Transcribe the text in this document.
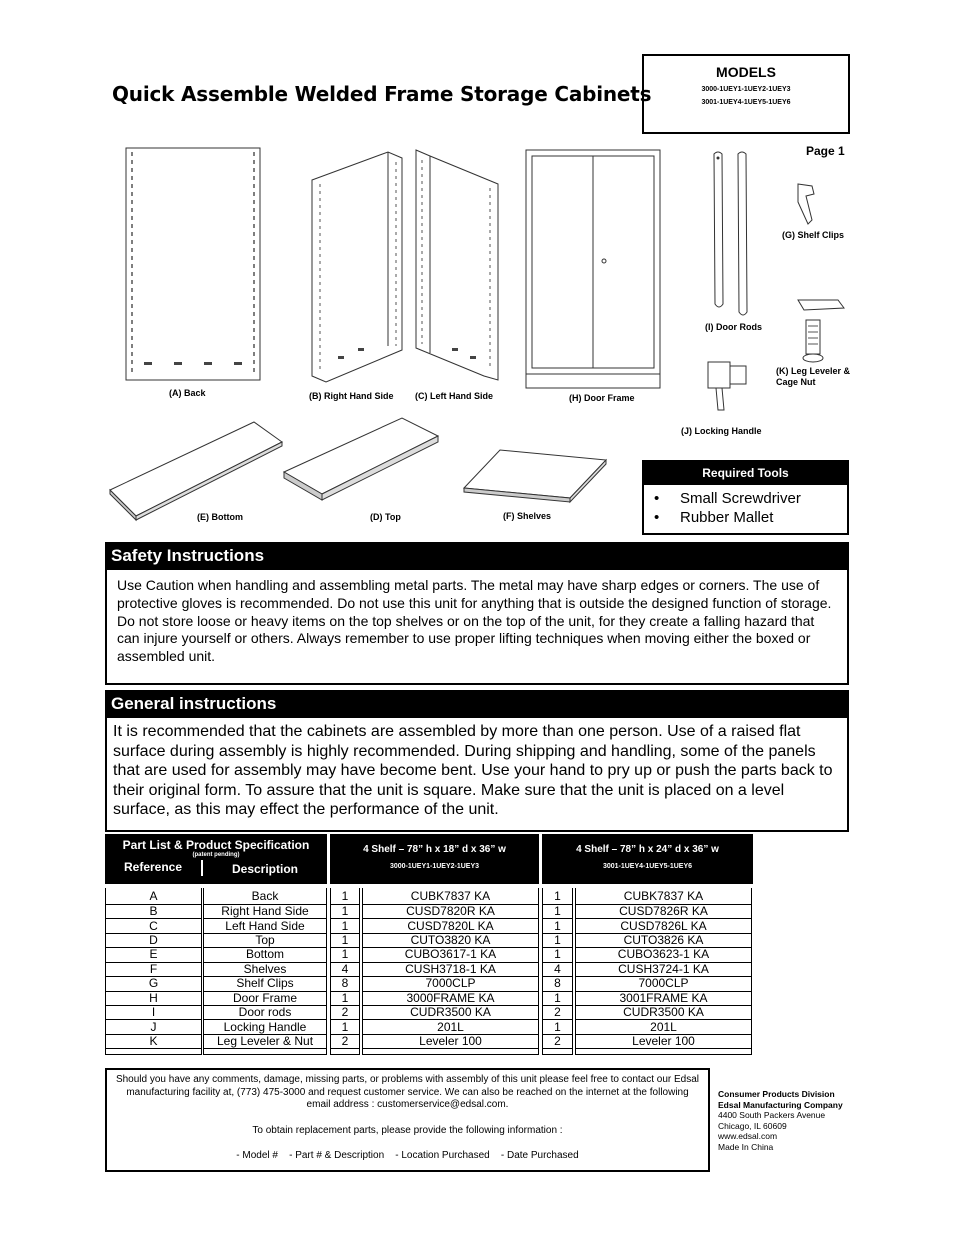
Quick Assemble Welded Frame Storage Cabinets
MODELS
3000-1UEY1-1UEY2-1UEY3
3001-1UEY4-1UEY5-1UEY6
Page 1
(A) Back	(B) Right Hand Side (C) Left Hand Side	(H) Door Frame
(I) Door Rods
(G) Shelf Clips
(K) Leg Leveler &
Cage Nut
(J) Locking Handle
(E) Bottom	(D) Top	(F) Shelves
Required Tools
• Small Screwdriver
• Rubber Mallet
Safety Instructions
Use Caution when handling and assembling metal parts. The metal may have sharp edges or corners. The use of protective gloves is recommended. Do not use this unit for anything that is outside the designed function of storage. Do not store loose or heavy items on the top shelves or on the top of the unit, for they create a falling hazard that can injure yourself or others. Always remember to use proper lifting techniques when moving either the boxed or assembled unit.
General instructions
It is recommended that the cabinets are assembled by more than one person. Use of a raised flat surface during assembly is highly recommended. During shipping and handling, some of the panels that are used for assembly may have become bent. Use your hand to pry up or push the parts back to their original form. To assure that the unit is square. Make sure that the unit is placed on a level surface, as this may effect the performance of the unit.
Part List & Product Specification
(patent pending)
Reference	Description
4 Shelf – 78” h x 18” d x 36” w
3000-1UEY1-1UEY2-1UEY3
4 Shelf – 78” h x 24” d x 36” w
3001-1UEY4-1UEY5-1UEY6
A		Back		1		CUBK7837 KA		1		CUBK7837 KA
B		Right Hand Side		1		CUSD7820R KA		1		CUSD7826R KA
C		Left Hand Side		1		CUSD7820L KA		1		CUSD7826L KA
D		Top		1		CUTO3820 KA		1		CUTO3826 KA
E		Bottom		1		CUBO3617-1 KA		1		CUBO3623-1 KA
F		Shelves		4		CUSH3718-1 KA		4		CUSH3724-1 KA
G		Shelf Clips		8		7000CLP		8		7000CLP
H		Door Frame		1		3000FRAME KA		1		3001FRAME KA
I		Door rods		2		CUDR3500 KA		2		CUDR3500 KA
J		Locking Handle		1		201L		1		201L
K		Leg Leveler & Nut		2		Leveler 100		2		Leveler 100
Should you have any comments, damage, missing parts, or problems with assembly of this unit please feel free to contact our Edsal manufacturing facility at, (773) 475-3000 and request customer service. We can also be reached on the internet at the following email address : customerservice@edsal.com.
To obtain replacement parts, please provide the following information :
- Model #    - Part # & Description    - Location Purchased    - Date Purchased
Consumer Products Division
Edsal Manufacturing Company
4400 South Packers Avenue
Chicago, IL 60609
www.edsal.com
Made In China
